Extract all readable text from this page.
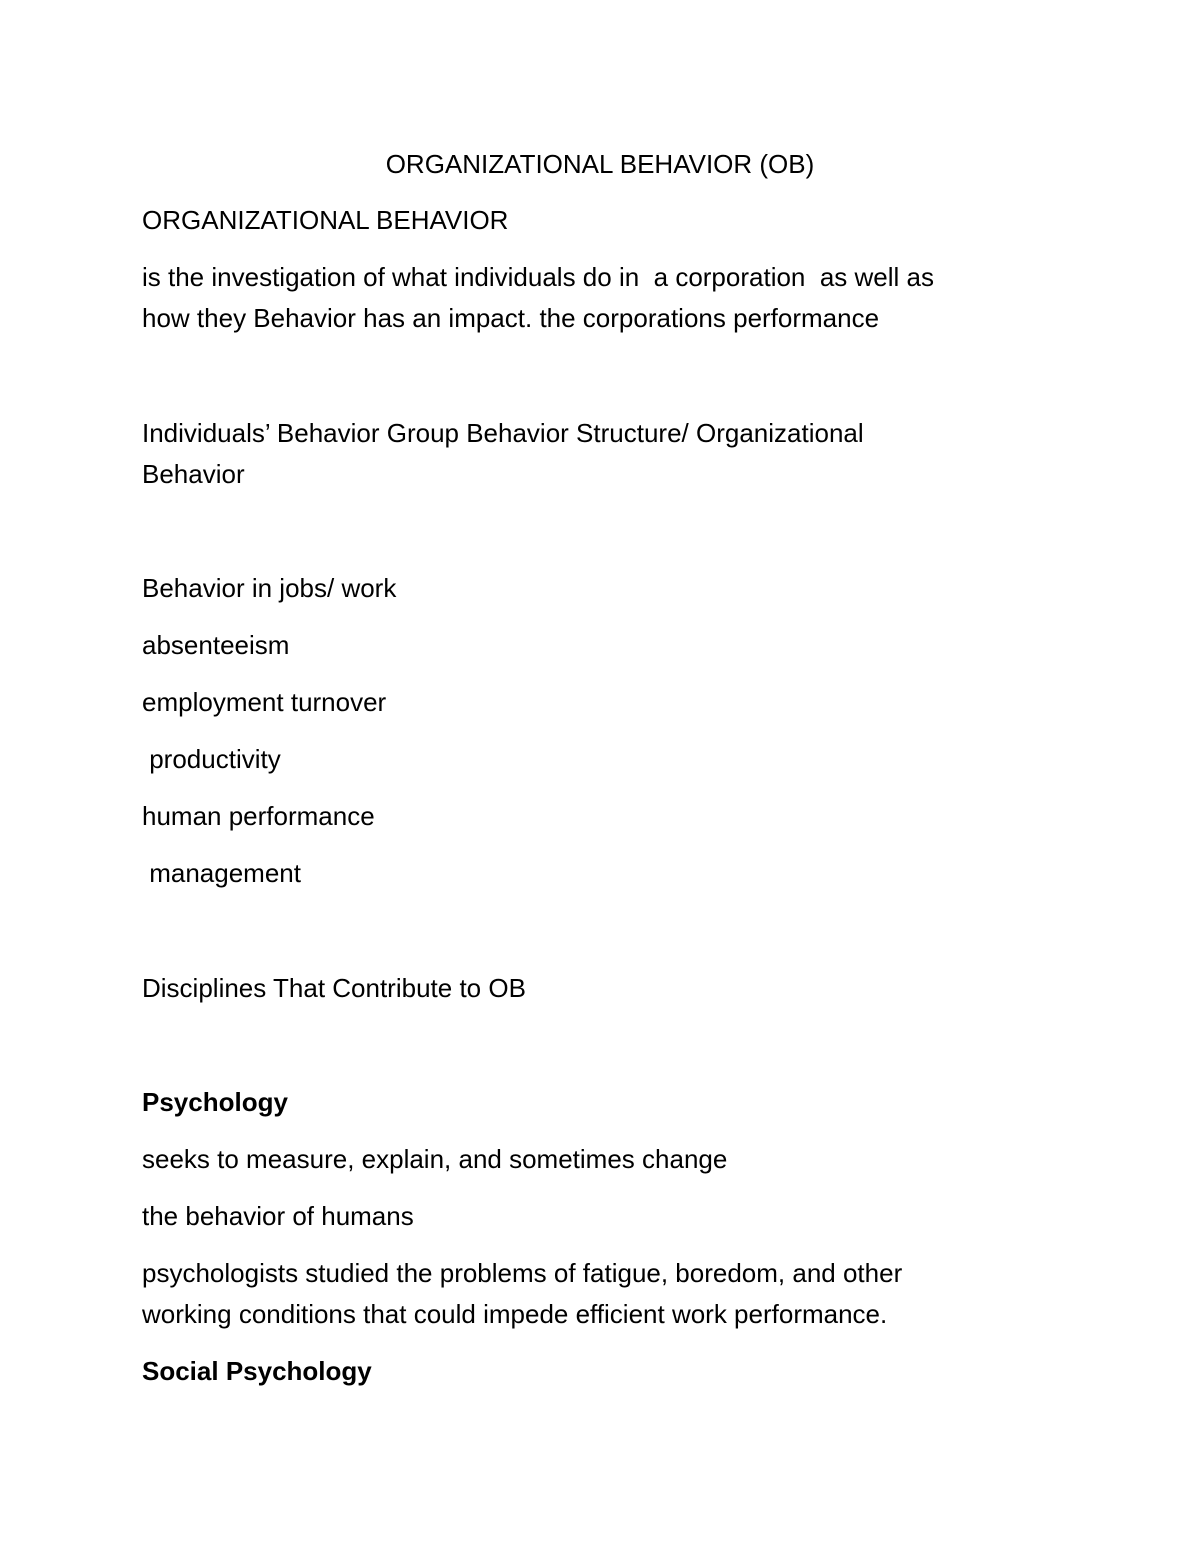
ORGANIZATIONAL BEHAVIOR (OB)

ORGANIZATIONAL BEHAVIOR

is the investigation of what individuals do in  a corporation  as well as

how they Behavior has an impact. the corporations performance

Individuals’ Behavior Group Behavior Structure/ Organizational

Behavior

Behavior in jobs/ work

absenteeism

employment turnover

productivity

human performance

management

Disciplines That Contribute to OB

Psychology

seeks to measure, explain, and sometimes change

the behavior of humans

psychologists studied the problems of fatigue, boredom, and other

working conditions that could impede efficient work performance.

Social Psychology
